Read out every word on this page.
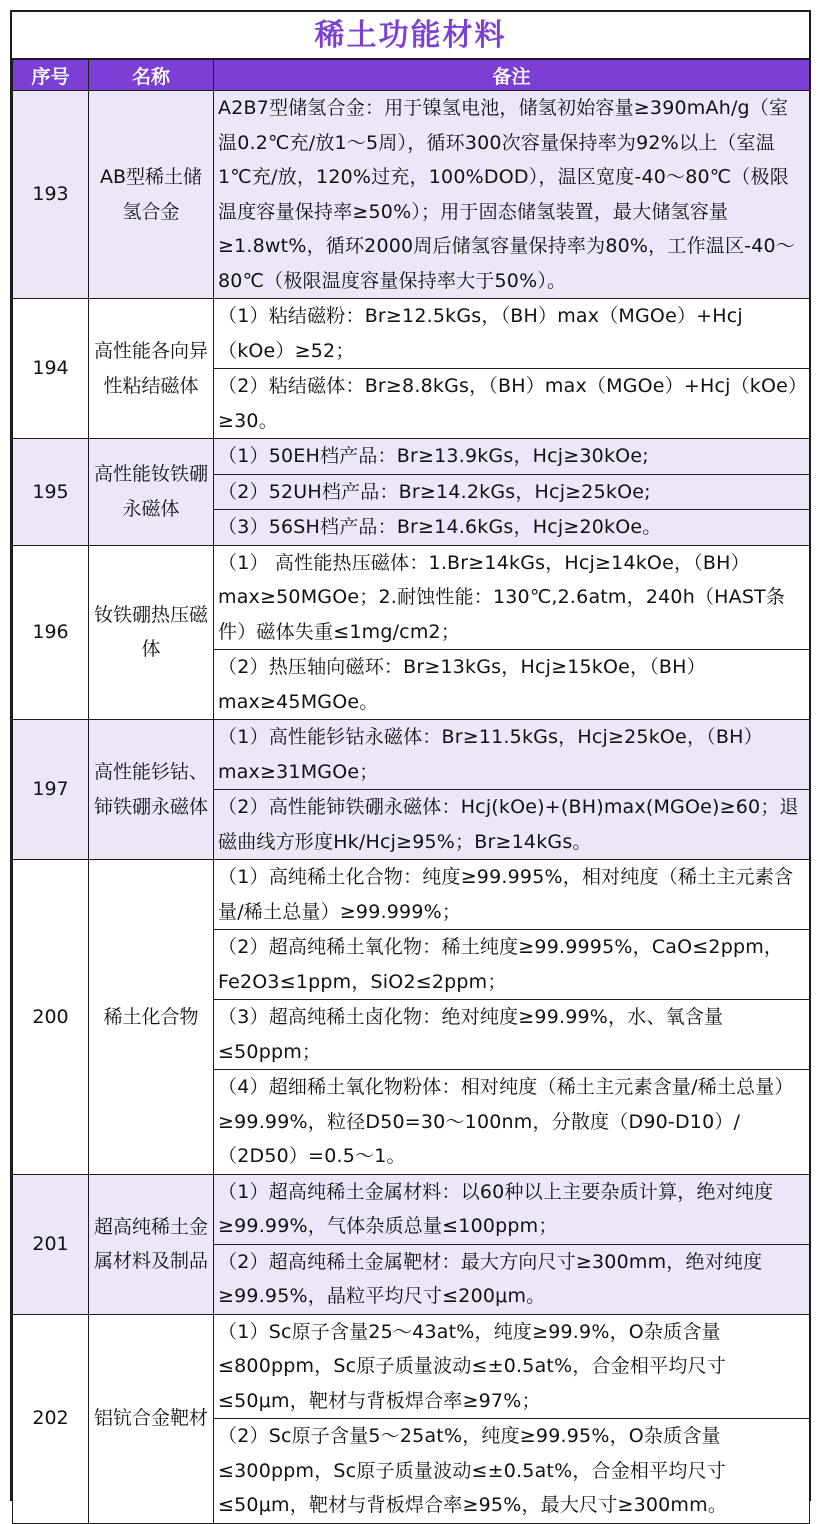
稀土功能材料
序号	名称	备注
193	AB型稀土储氢合金	A2B7型储氢合金：用于镍氢电池，储氢初始容量≥390mAh/g（室温0.2℃充/放1～5周），循环300次容量保持率为92%以上（室温1℃充/放，120%过充，100%DOD），温区宽度-40～80℃（极限温度容量保持率≥50%）；用于固态储氢装置，最大储氢容量≥1.8wt%，循环2000周后储氢容量保持率为80%，工作温区-40～80℃（极限温度容量保持率大于50%）。
194	高性能各向异性粘结磁体	（1）粘结磁粉：Br≥12.5kGs，（BH）max（MGOe）+Hcj（kOe）≥52；
		（2）粘结磁体：Br≥8.8kGs，（BH）max（MGOe）+Hcj（kOe）≥30。
195	高性能钕铁硼永磁体	（1）50EH档产品：Br≥13.9kGs，Hcj≥30kOe;
		（2）52UH档产品：Br≥14.2kGs，Hcj≥25kOe;
		（3）56SH档产品：Br≥14.6kGs，Hcj≥20kOe。
196	钕铁硼热压磁体	（1） 高性能热压磁体：1.Br≥14kGs，Hcj≥14kOe，（BH）max≥50MGOe；2.耐蚀性能：130℃,2.6atm，240h（HAST条件）磁体失重≤1mg/cm2；
		（2）热压轴向磁环：Br≥13kGs，Hcj≥15kOe，（BH）max≥45MGOe。
197	高性能钐钴、铈铁硼永磁体	（1）高性能钐钴永磁体：Br≥11.5kGs，Hcj≥25kOe，（BH）max≥31MGOe；
		（2）高性能铈铁硼永磁体：Hcj(kOe)+(BH)max(MGOe)≥60；退磁曲线方形度Hk/Hcj≥95%；Br≥14kGs。
200	稀土化合物	（1）高纯稀土化合物：纯度≥99.995%，相对纯度（稀土主元素含量/稀土总量）≥99.999%；
		（2）超高纯稀土氧化物：稀土纯度≥99.9995%，CaO≤2ppm，Fe2O3≤1ppm，SiO2≤2ppm；
		（3）超高纯稀土卤化物：绝对纯度≥99.99%，水、氧含量≤50ppm；
		（4）超细稀土氧化物粉体：相对纯度（稀土主元素含量/稀土总量）≥99.99%，粒径D50=30～100nm，分散度（D90-D10）/（2D50）=0.5～1。
201	超高纯稀土金属材料及制品	（1）超高纯稀土金属材料：以60种以上主要杂质计算，绝对纯度≥99.99%，气体杂质总量≤100ppm；
		（2）超高纯稀土金属靶材：最大方向尺寸≥300mm，绝对纯度≥99.95%，晶粒平均尺寸≤200μm。
202	铝钪合金靶材	（1）Sc原子含量25～43at%，纯度≥99.9%，O杂质含量≤800ppm，Sc原子质量波动≤±0.5at%，合金相平均尺寸≤50μm，靶材与背板焊合率≥97%；
		（2）Sc原子含量5～25at%，纯度≥99.95%，O杂质含量≤300ppm，Sc原子质量波动≤±0.5at%，合金相平均尺寸≤50μm，靶材与背板焊合率≥95%，最大尺寸≥300mm。
